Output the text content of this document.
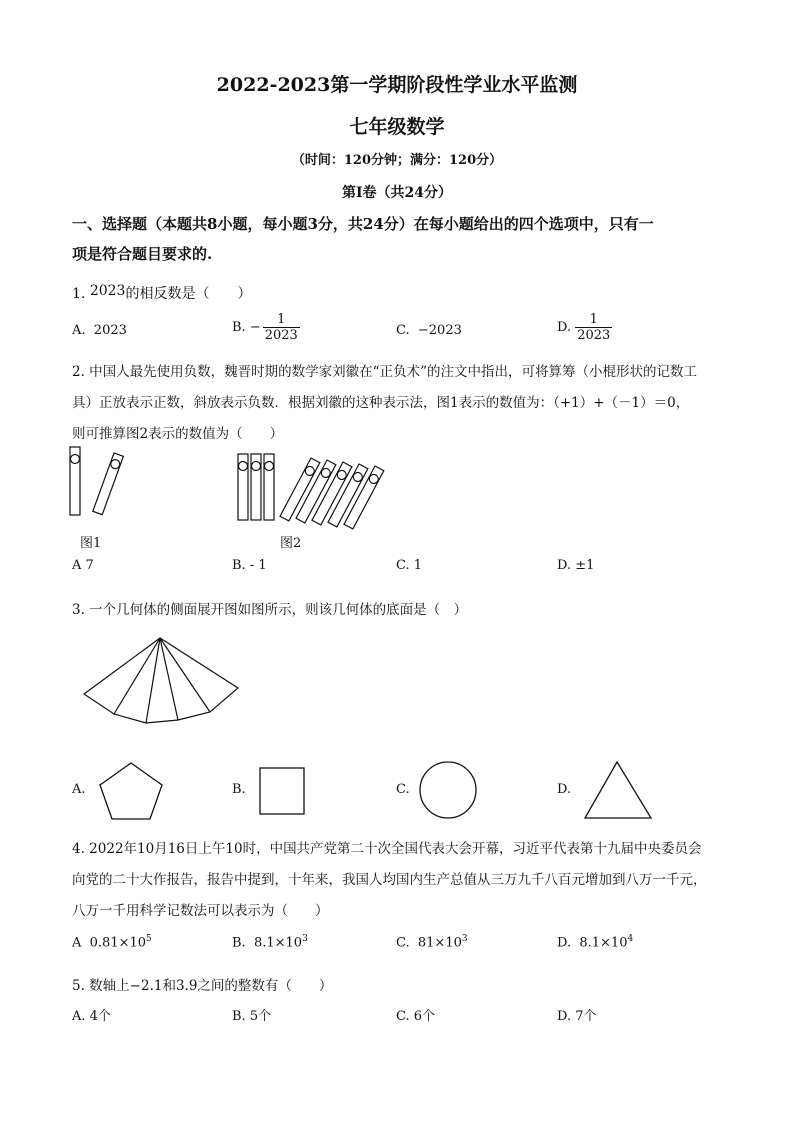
2022-2023第一学期阶段性学业水平监测
七年级数学
（时间：120分钟；满分：120分）
第Ⅰ卷（共24分）
一、选择题（本题共8小题，每小题3分，共24分）在每小题给出的四个选项中，只有一
项是符合题目要求的.
1. 2023的相反数是（　　）
A. 2023	B. − $\frac{1}{2023}$	C. −2023	D. $\frac{1}{2023}$
2. 中国人最先使用负数，魏晋时期的数学家刘徽在“正负术”的注文中指出，可将算筹（小棍形状的记数工
具）正放表示正数，斜放表示负数．根据刘徽的这种表示法，图1表示的数值为：（+1）+（－1）＝0，
则可推算图2表示的数值为（　　）
图1	图2
A 7	B. - 1	C. 1	D. ±1
3. 一个几何体的侧面展开图如图所示，则该几何体的底面是（　）
A.	B.	C.	D.
4. 2022年10月16日上午10时，中国共产党第二十次全国代表大会开幕，习近平代表第十九届中央委员会
向党的二十大作报告，报告中提到，十年来，我国人均国内生产总值从三万九千八百元增加到八万一千元，
八万一千用科学记数法可以表示为（　　）
A $0.81\times 10^5$	B. $8.1\times 10^3$	C. $81\times 10^3$	D. $8.1\times 10^4$
5. 数轴上−2.1和3.9之间的整数有（　　）
A. 4个	B. 5个	C. 6个	D. 7个
